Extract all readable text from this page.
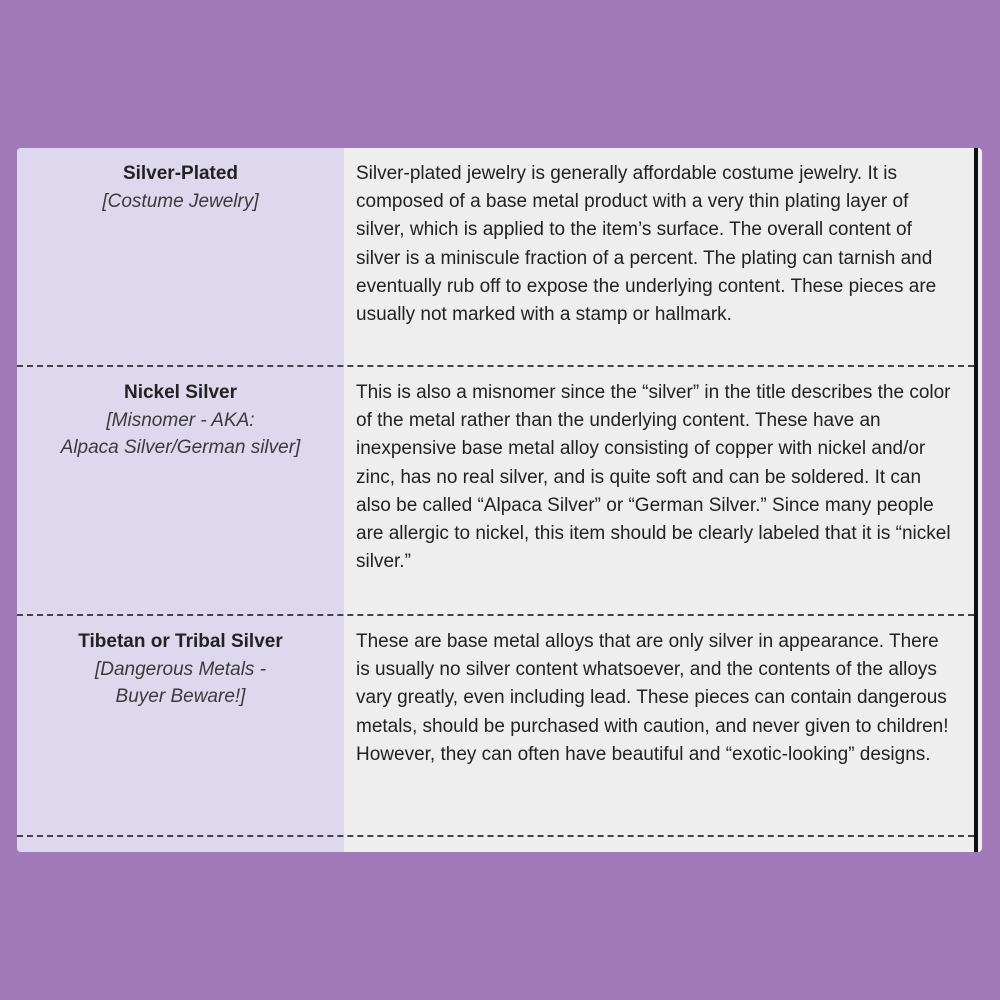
Silver-Plated
[Costume Jewelry]
Silver-plated jewelry is generally affordable costume jewelry. It is composed of a base metal product with a very thin plating layer of silver, which is applied to the item’s surface. The overall content of silver is a miniscule fraction of a percent. The plating can tarnish and eventually rub off to expose the underlying content. These pieces are usually not marked with a stamp or hallmark.
Nickel Silver
[Misnomer - AKA:
Alpaca Silver/German silver]
This is also a misnomer since the “silver” in the title describes the color of the metal rather than the underlying content. These have an inexpensive base metal alloy consisting of copper with nickel and/or zinc, has no real silver, and is quite soft and can be soldered. It can also be called “Alpaca Silver” or “German Silver.” Since many people are allergic to nickel, this item should be clearly labeled that it is “nickel silver.”
Tibetan or Tribal Silver
[Dangerous Metals -
Buyer Beware!]
These are base metal alloys that are only silver in appearance. There is usually no silver content whatsoever, and the contents of the alloys vary greatly, even including lead. These pieces can contain dangerous metals, should be purchased with caution, and never given to children! However, they can often have beautiful and “exotic-looking” designs.
